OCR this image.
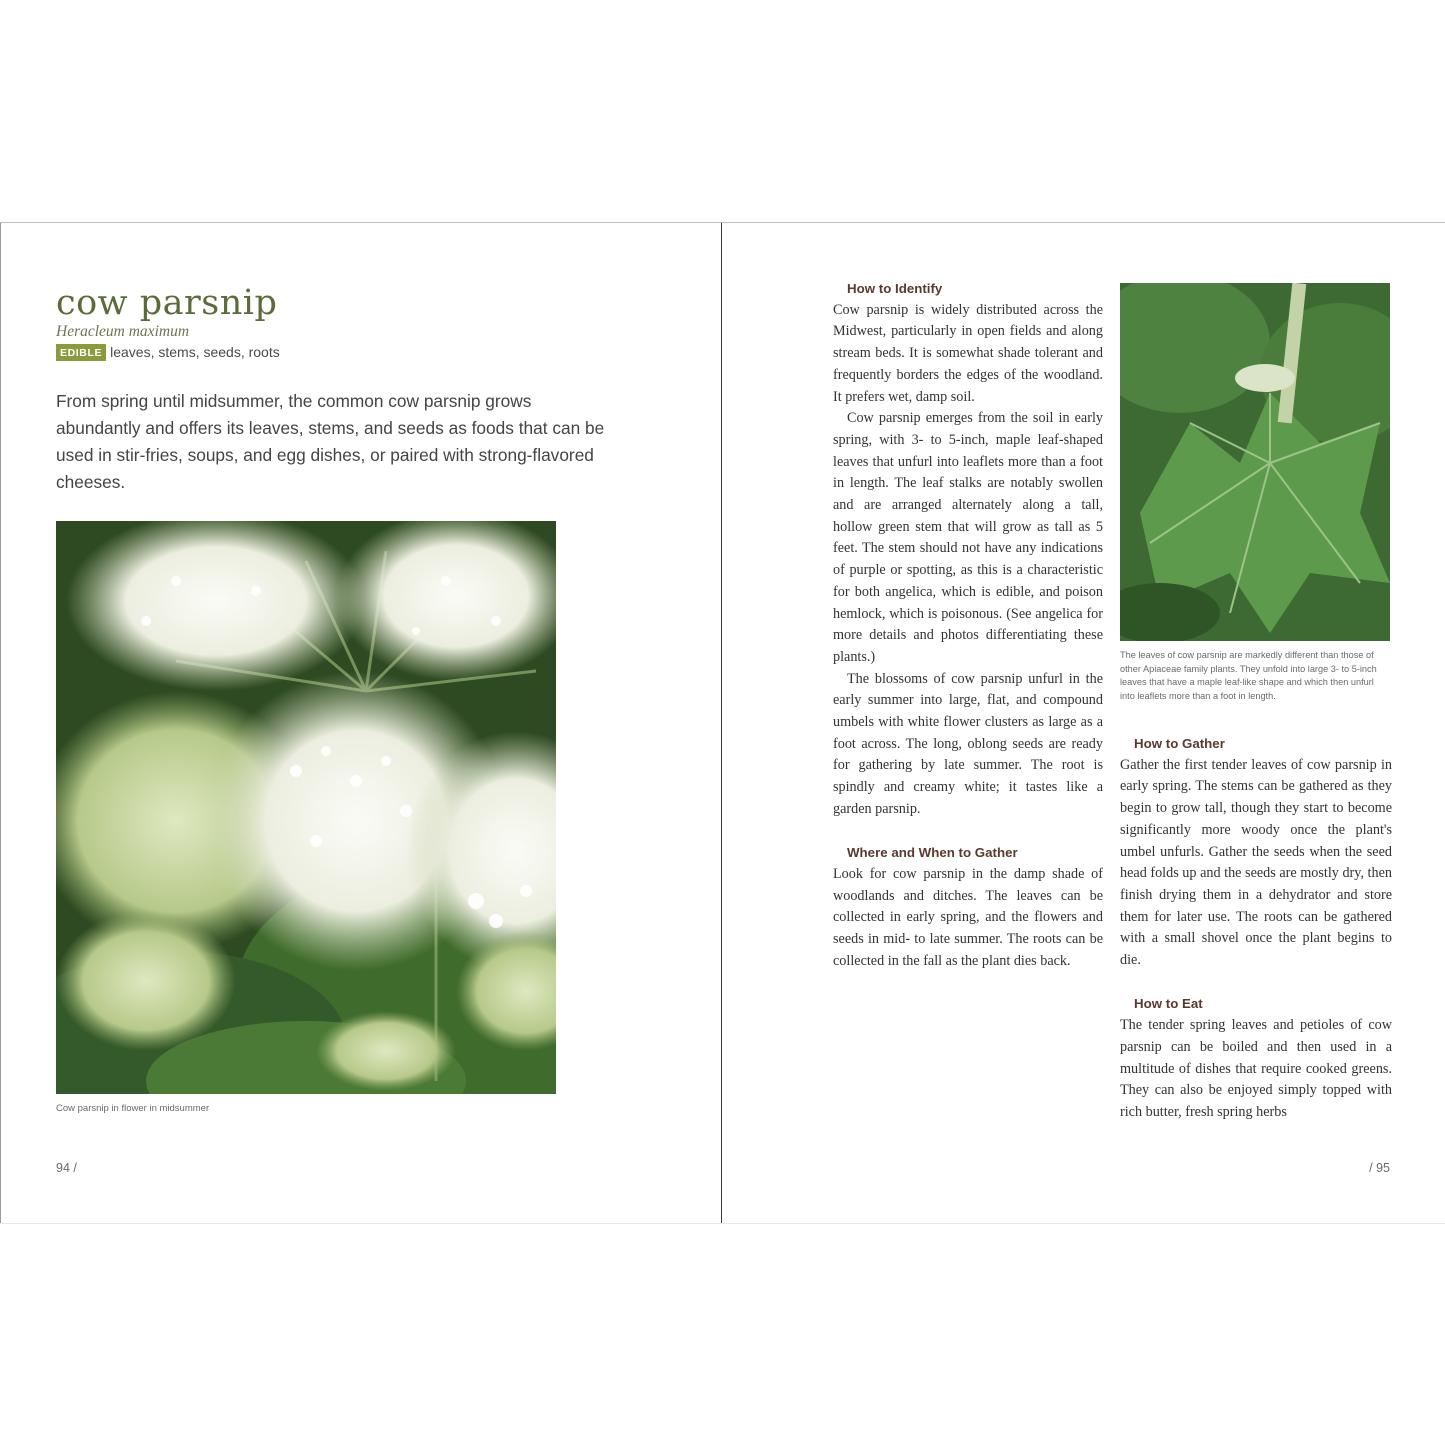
cow parsnip
Heracleum maximum
EDIBLE leaves, stems, seeds, roots

From spring until midsummer, the common cow parsnip grows abundantly and offers its leaves, stems, and seeds as foods that can be used in stir-fries, soups, and egg dishes, or paired with strong-flavored cheeses.

Cow parsnip in flower in midsummer
94 /
How to Identify

Cow parsnip is widely distributed across the Midwest, particularly in open fields and along stream beds. It is somewhat shade tolerant and frequently borders the edges of the woodland. It prefers wet, damp soil.

Cow parsnip emerges from the soil in early spring, with 3- to 5-inch, maple leaf-shaped leaves that unfurl into leaflets more than a foot in length. The leaf stalks are notably swollen and are arranged alternately along a tall, hollow green stem that will grow as tall as 5 feet. The stem should not have any indications of purple or spotting, as this is a characteristic for both angelica, which is edible, and poison hemlock, which is poisonous. (See angelica for more details and photos differentiating these plants.)

The blossoms of cow parsnip unfurl in the early summer into large, flat, and compound umbels with white flower clusters as large as a foot across. The long, oblong seeds are ready for gathering by late summer. The root is spindly and creamy white; it tastes like a garden parsnip.

Where and When to Gather

Look for cow parsnip in the damp shade of woodlands and ditches. The leaves can be collected in early spring, and the flowers and seeds in mid- to late summer. The roots can be collected in the fall as the plant dies back.

The leaves of cow parsnip are markedly different than those of other Apiaceae family plants. They unfold into large 3- to 5-inch leaves that have a maple leaf-like shape and which then unfurl into leaflets more than a foot in length.
How to Gather

Gather the first tender leaves of cow parsnip in early spring. The stems can be gathered as they begin to grow tall, though they start to become significantly more woody once the plant's umbel unfurls. Gather the seeds when the seed head folds up and the seeds are mostly dry, then finish drying them in a dehydrator and store them for later use. The roots can be gathered with a small shovel once the plant begins to die.

How to Eat

The tender spring leaves and petioles of cow parsnip can be boiled and then used in a multitude of dishes that require cooked greens. They can also be enjoyed simply topped with rich butter, fresh spring herbs

/ 95
